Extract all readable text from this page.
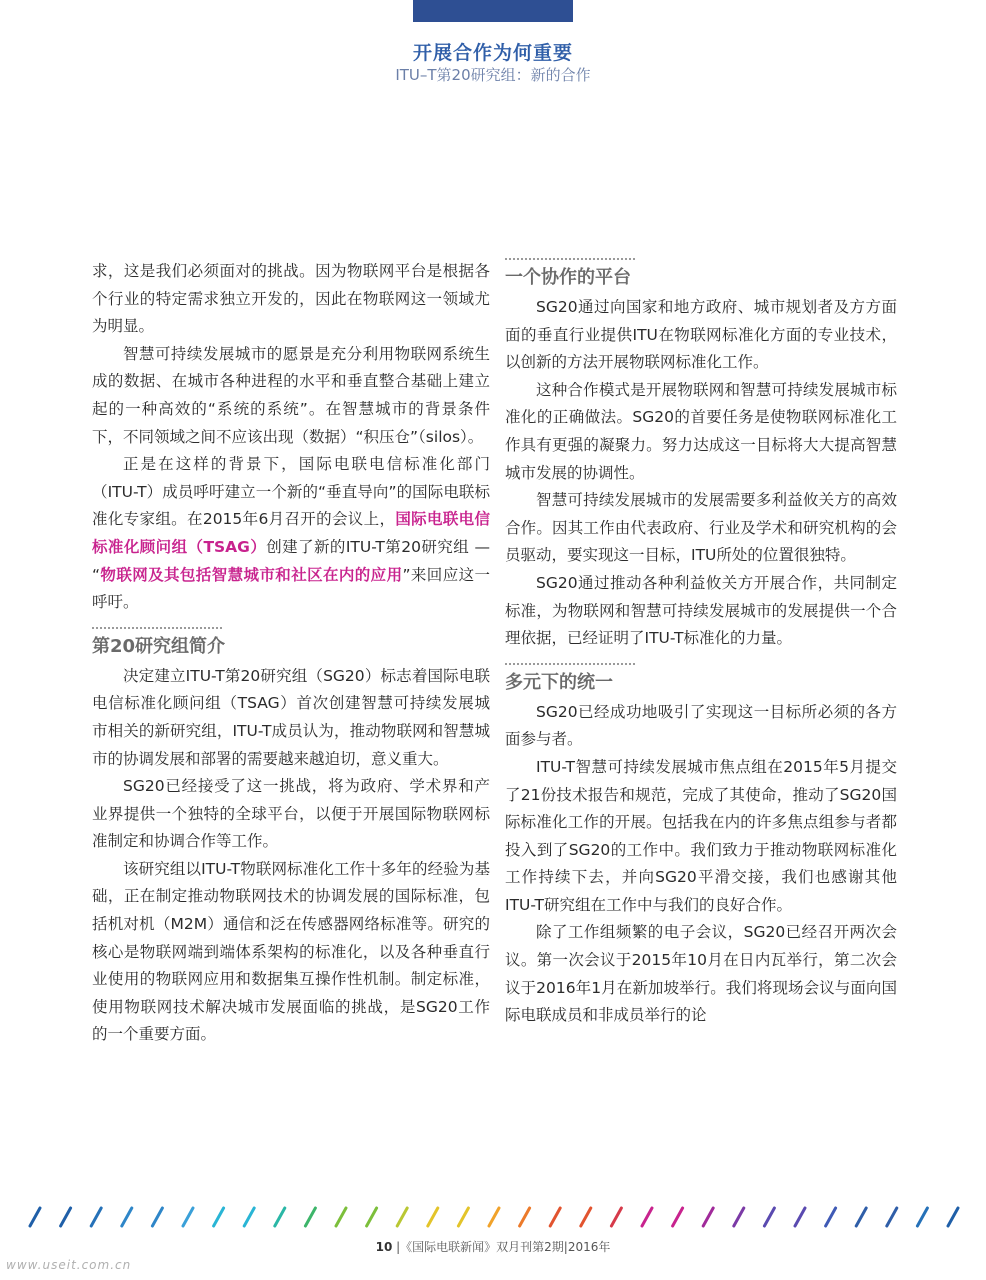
开展合作为何重要
ITU–T第20研究组：新的合作

求，这是我们必须面对的挑战。因为物联网平台是根据各个行业的特定需求独立开发的，因此在物联网这一领域尤为明显。

智慧可持续发展城市的愿景是充分利用物联网系统生成的数据、在城市各种进程的水平和垂直整合基础上建立起的一种高效的“系统的系统”。在智慧城市的背景条件下，不同领域之间不应该出现（数据）“积压仓”（silos）。

正是在这样的背景下，国际电联电信标准化部门（ITU-T）成员呼吁建立一个新的“垂直导向”的国际电联标准化专家组。在2015年6月召开的会议上，国际电联电信标准化顾问组（TSAG）创建了新的ITU-T第20研究组 — “物联网及其包括智慧城市和社区在内的应用”来回应这一呼吁。

第20研究组简介

决定建立ITU-T第20研究组（SG20）标志着国际电联电信标准化顾问组（TSAG）首次创建智慧可持续发展城市相关的新研究组，ITU-T成员认为，推动物联网和智慧城市的协调发展和部署的需要越来越迫切，意义重大。

SG20已经接受了这一挑战，将为政府、学术界和产业界提供一个独特的全球平台，以便于开展国际物联网标准制定和协调合作等工作。

该研究组以ITU-T物联网标准化工作十多年的经验为基础，正在制定推动物联网技术的协调发展的国际标准，包括机对机（M2M）通信和泛在传感器网络标准等。研究的核心是物联网端到端体系架构的标准化，以及各种垂直行业使用的物联网应用和数据集互操作性机制。制定标准，使用物联网技术解决城市发展面临的挑战，是SG20工作的一个重要方面。

一个协作的平台

SG20通过向国家和地方政府、城市规划者及方方面面的垂直行业提供ITU在物联网标准化方面的专业技术，以创新的方法开展物联网标准化工作。

这种合作模式是开展物联网和智慧可持续发展城市标准化的正确做法。SG20的首要任务是使物联网标准化工作具有更强的凝聚力。努力达成这一目标将大大提高智慧城市发展的协调性。

智慧可持续发展城市的发展需要多利益攸关方的高效合作。因其工作由代表政府、行业及学术和研究机构的会员驱动，要实现这一目标，ITU所处的位置很独特。

SG20通过推动各种利益攸关方开展合作，共同制定标准，为物联网和智慧可持续发展城市的发展提供一个合理依据，已经证明了ITU-T标准化的力量。

多元下的统一

SG20已经成功地吸引了实现这一目标所必须的各方面参与者。

ITU-T智慧可持续发展城市焦点组在2015年5月提交了21份技术报告和规范，完成了其使命，推动了SG20国际标准化工作的开展。包括我在内的许多焦点组参与者都投入到了SG20的工作中。我们致力于推动物联网标准化工作持续下去，并向SG20平滑交接，我们也感谢其他ITU-T研究组在工作中与我们的良好合作。

除了工作组频繁的电子会议，SG20已经召开两次会议。第一次会议于2015年10月在日内瓦举行，第二次会议于2016年1月在新加坡举行。我们将现场会议与面向国际电联成员和非成员举行的论

10 |《国际电联新闻》双月刊第2期|2016年
www.useit.com.cn
